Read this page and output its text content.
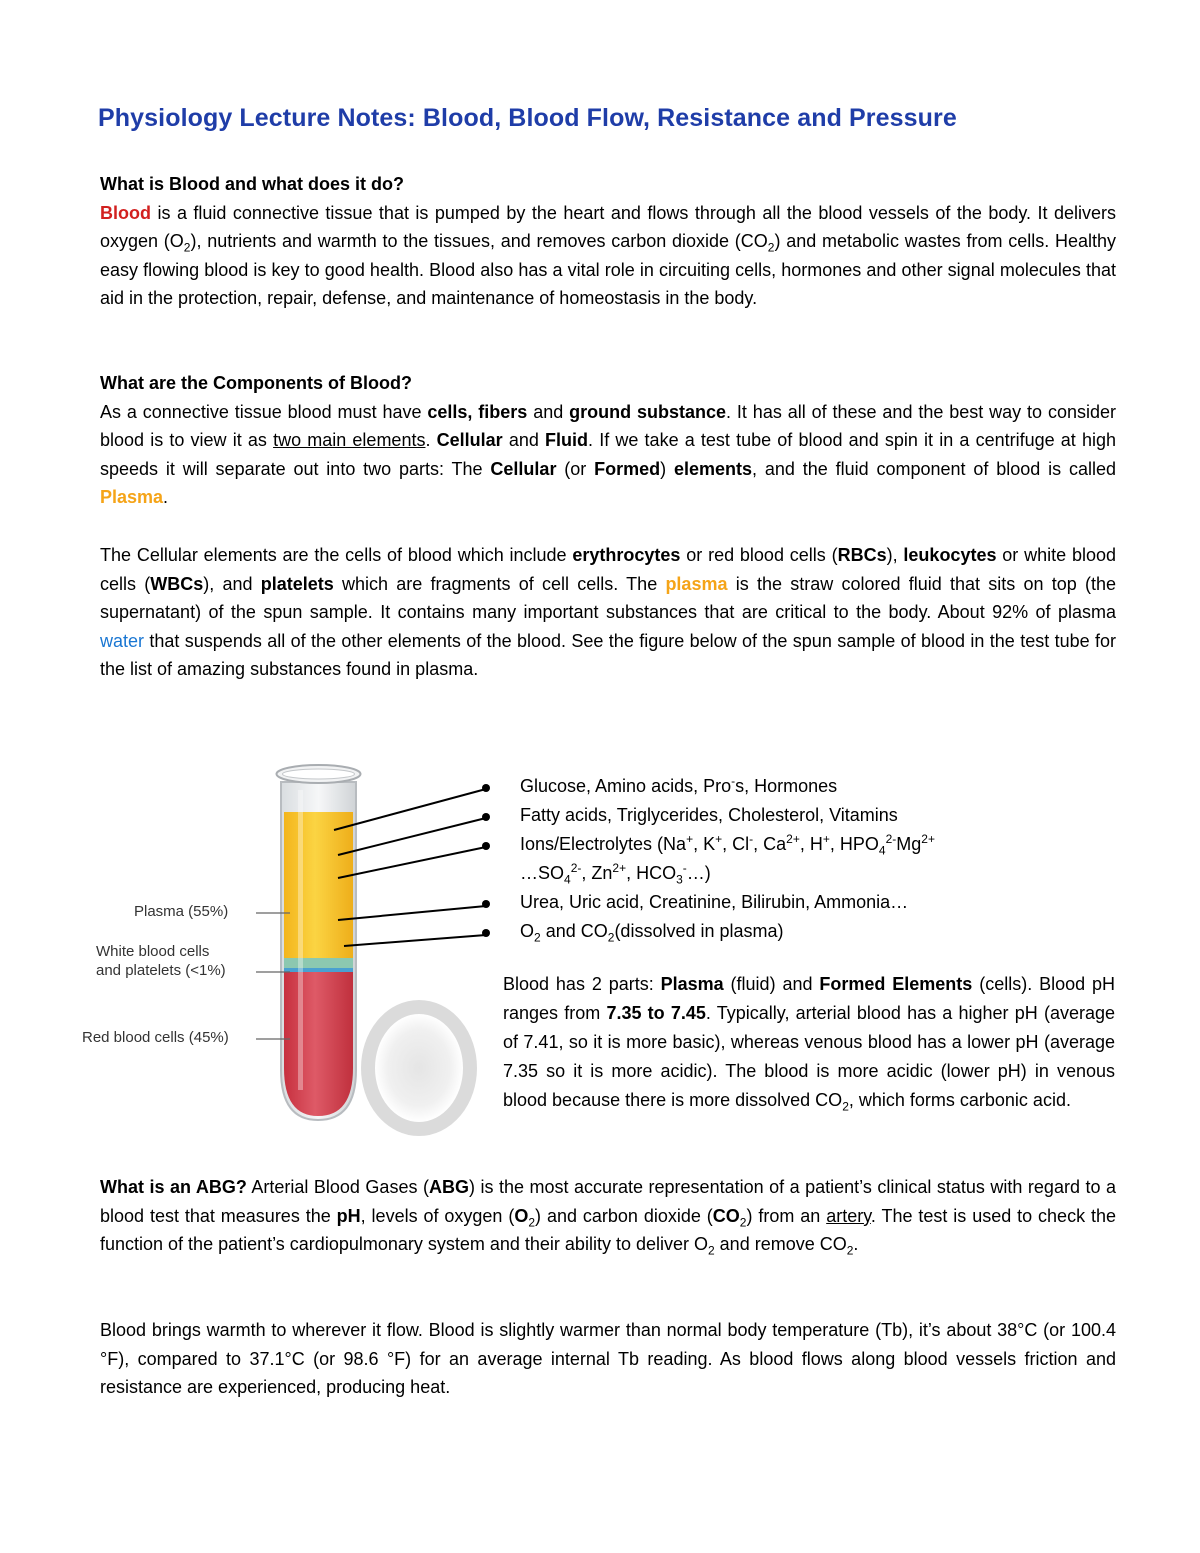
Physiology Lecture Notes: Blood, Blood Flow, Resistance and Pressure

What is Blood and what does it do?
Blood is a fluid connective tissue that is pumped by the heart and flows through all the blood vessels of the body. It delivers oxygen $(O_2)$, nutrients and warmth to the tissues, and removes carbon dioxide $(CO_2)$ and metabolic wastes from cells. Healthy easy flowing blood is key to good health. Blood also has a vital role in circuiting cells, hormones and other signal molecules that aid in the protection, repair, defense, and maintenance of homeostasis in the body.

What are the Components of Blood?
As a connective tissue blood must have cells, fibers and ground substance. It has all of these and the best way to consider blood is to view it as two main elements. Cellular and Fluid. If we take a test tube of blood and spin it in a centrifuge at high speeds it will separate out into two parts: The Cellular (or Formed) elements, and the fluid component of blood is called Plasma.

The Cellular elements are the cells of blood which include erythrocytes or red blood cells (RBCs), leukocytes or white blood cells (WBCs), and platelets which are fragments of cell cells. The plasma is the straw colored fluid that sits on top (the supernatant) of the spun sample. It contains many important substances that are critical to the body. About 92% of plasma water that suspends all of the other elements of the blood. See the figure below of the spun sample of blood in the test tube for the list of amazing substances found in plasma.

Plasma (55%)
White blood cells
and platelets (<1%)
Red blood cells (45%)
Glucose, Amino acids, Pro-s, Hormones
Fatty acids, Triglycerides, Cholesterol, Vitamins
Ions/Electrolytes (Na+, K+, Cl-, $Ca^{2+}$, H+, $HPO_4^{2-}Mg^{2+}$
$\dots SO_4^{2-}$, $Zn^{2+}$, $HCO_3^-\dots$)
Urea, Uric acid, Creatinine, Bilirubin, Ammonia…
$O_2$ and $CO_2(dissolved$ in plasma)

Blood has 2 parts: Plasma (fluid) and Formed Elements (cells). Blood pH ranges from 7.35 to 7.45. Typically, arterial blood has a higher pH (average of 7.41, so it is more basic), whereas venous blood has a lower pH (average 7.35 so it is more acidic). The blood is more acidic (lower pH) in venous blood because there is more dissolved $CO_2$, which forms carbonic acid.

What is an ABG? Arterial Blood Gases (ABG) is the most accurate representation of a patient’s clinical status with regard to a blood test that measures the pH, levels of oxygen $(O_2)$ and carbon dioxide $(CO_2)$ from an artery. The test is used to check the function of the patient’s cardiopulmonary system and their ability to deliver $O_2$ and remove $CO_2$.

Blood brings warmth to wherever it flow. Blood is slightly warmer than normal body temperature (Tb), it’s about 38°C (or 100.4 °F), compared to 37.1°C (or 98.6 °F) for an average internal Tb reading. As blood flows along blood vessels friction and resistance are experienced, producing heat.
